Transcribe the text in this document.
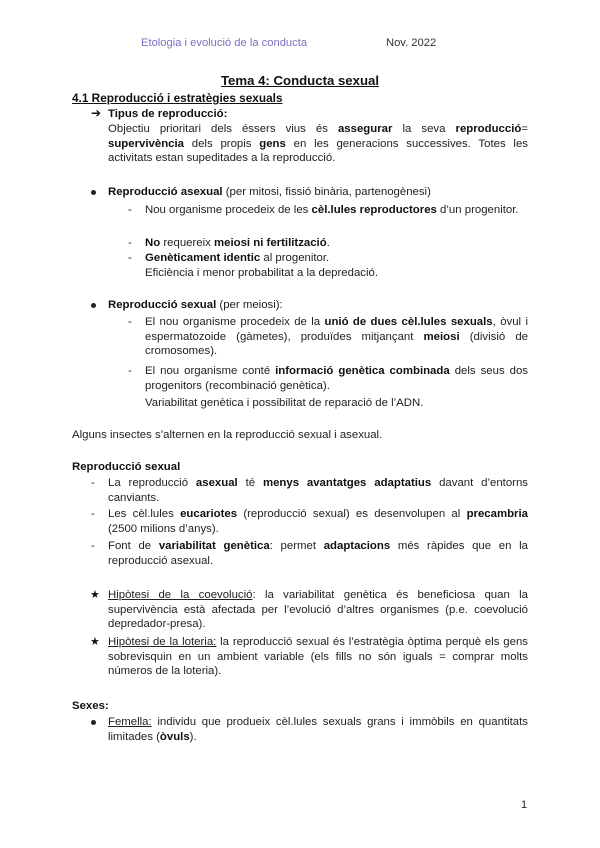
Etologia i evolució de la conducta	Nov. 2022
Tema 4: Conducta sexual
4.1 Reproducció i estratègies sexuals
➔ Tipus de reproducció:
Objectiu prioritari dels éssers vius és assegurar la seva reproducció= supervivència dels propis gens en les generacions successives. Totes les activitats estan supeditades a la reproducció.
Reproducció asexual (per mitosi, fissió binària, partenogènesi)
- Nou organisme procedeix de les cèl.lules reproductores d’un progenitor.
- No requereix meiosi ni fertilització.
- Genèticament identic al progenitor.
Eficiència i menor probabilitat a la depredació.
Reproducció sexual (per meiosi):
- El nou organisme procedeix de la unió de dues cèl.lules sexuals, òvul i espermatozoide (gàmetes), produïdes mitjançant meiosi (divisió de cromosomes).
- El nou organisme conté informació genètica combinada dels seus dos progenitors (recombinació genètica).
Variabilitat genètica i possibilitat de reparació de l’ADN.
Alguns insectes s’alternen en la reproducció sexual i asexual.
Reproducció sexual
- La reproducció asexual té menys avantatges adaptatius davant d’entorns canviants.
- Les cèl.lules eucariotes (reproducció sexual) es desenvolupen al precambria (2500 milions d’anys).
- Font de variabilitat genètica: permet adaptacions més ràpides que en la reproducció asexual.
★ Hipòtesi de la coevolució: la variabilitat genètica és beneficiosa quan la supervivència està afectada per l’evolució d’altres organismes (p.e. coevolució depredador-presa).
★ Hipòtesi de la loteria: la reproducció sexual és l’estratègia òptima perquè els gens sobrevisquin en un ambient variable (els fills no són iguals = comprar molts números de la loteria).
Sexes:
Femella: individu que produeix cèl.lules sexuals grans i immòbils en quantitats limitades (òvuls).
1
